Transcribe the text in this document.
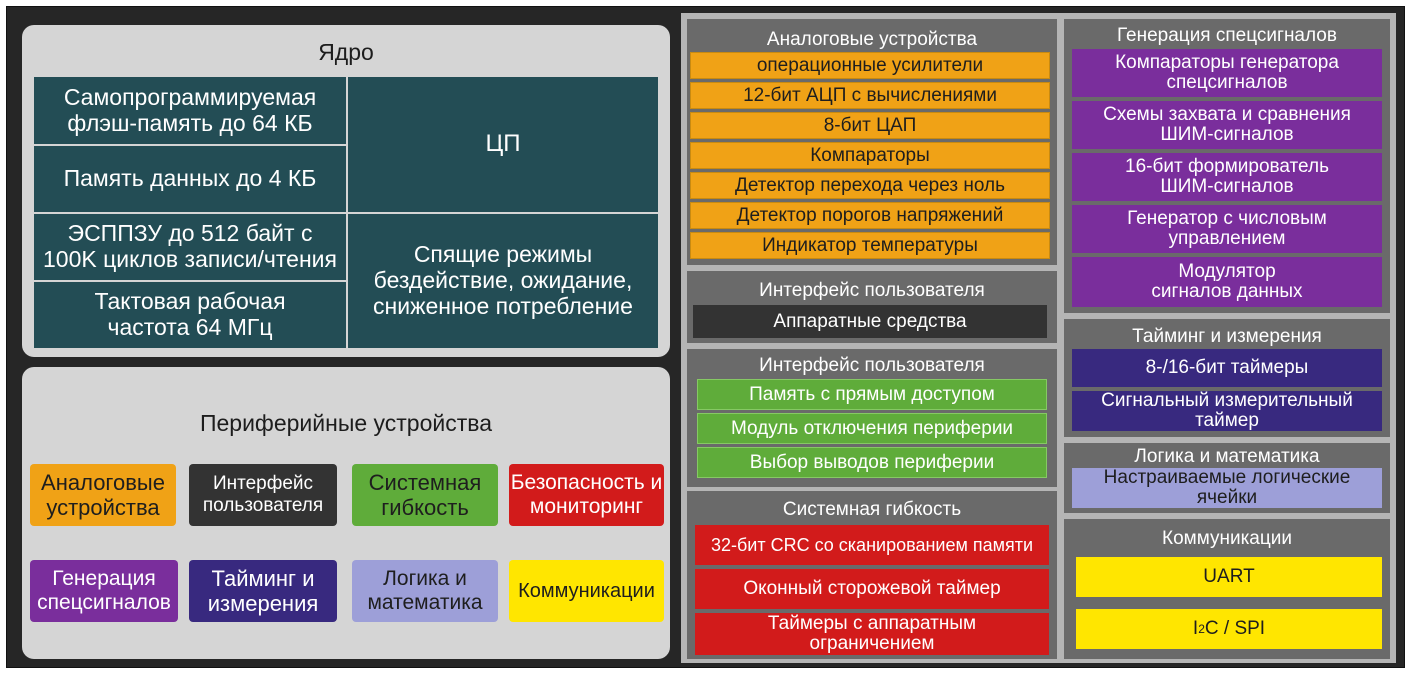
Ядро
Самопрограммируемая флэш-память до 64 КБ
Память данных до 4 КБ
ЭСППЗУ до 512 байт с 100K циклов записи/чтения
Тактовая рабочая частота 64 МГц
ЦП
Спящие режимы бездействие, ожидание, сниженное потребление
Периферийные устройства
Аналоговые устройства
Интерфейс пользователя
Системная гибкость
Безопасность и мониторинг
Генерация спецсигналов
Тайминг и измерения
Логика и математика
Коммуникации
Аналоговые устройства
операционные усилители
12-бит АЦП с вычислениями
8-бит ЦАП
Компараторы
Детектор перехода через ноль
Детектор порогов напряжений
Индикатор температуры
Интерфейс пользователя
Аппаратные средства
Интерфейс пользователя
Память с прямым доступом
Модуль отключения периферии
Выбор выводов периферии
Системная гибкость
32-бит CRC со сканированием памяти
Оконный сторожевой таймер
Таймеры с аппаратным ограничением
Генерация спецсигналов
Компараторы генератора спецсигналов
Схемы захвата и сравнения ШИМ-сигналов
16-бит формирователь ШИМ-сигналов
Генератор с числовым управлением
Модулятор сигналов данных
Тайминг и измерения
8-/16-бит таймеры
Сигнальный измерительный таймер
Логика и математика
Настраиваемые логические ячейки
Коммуникации
UART
I 2 C / SPI
